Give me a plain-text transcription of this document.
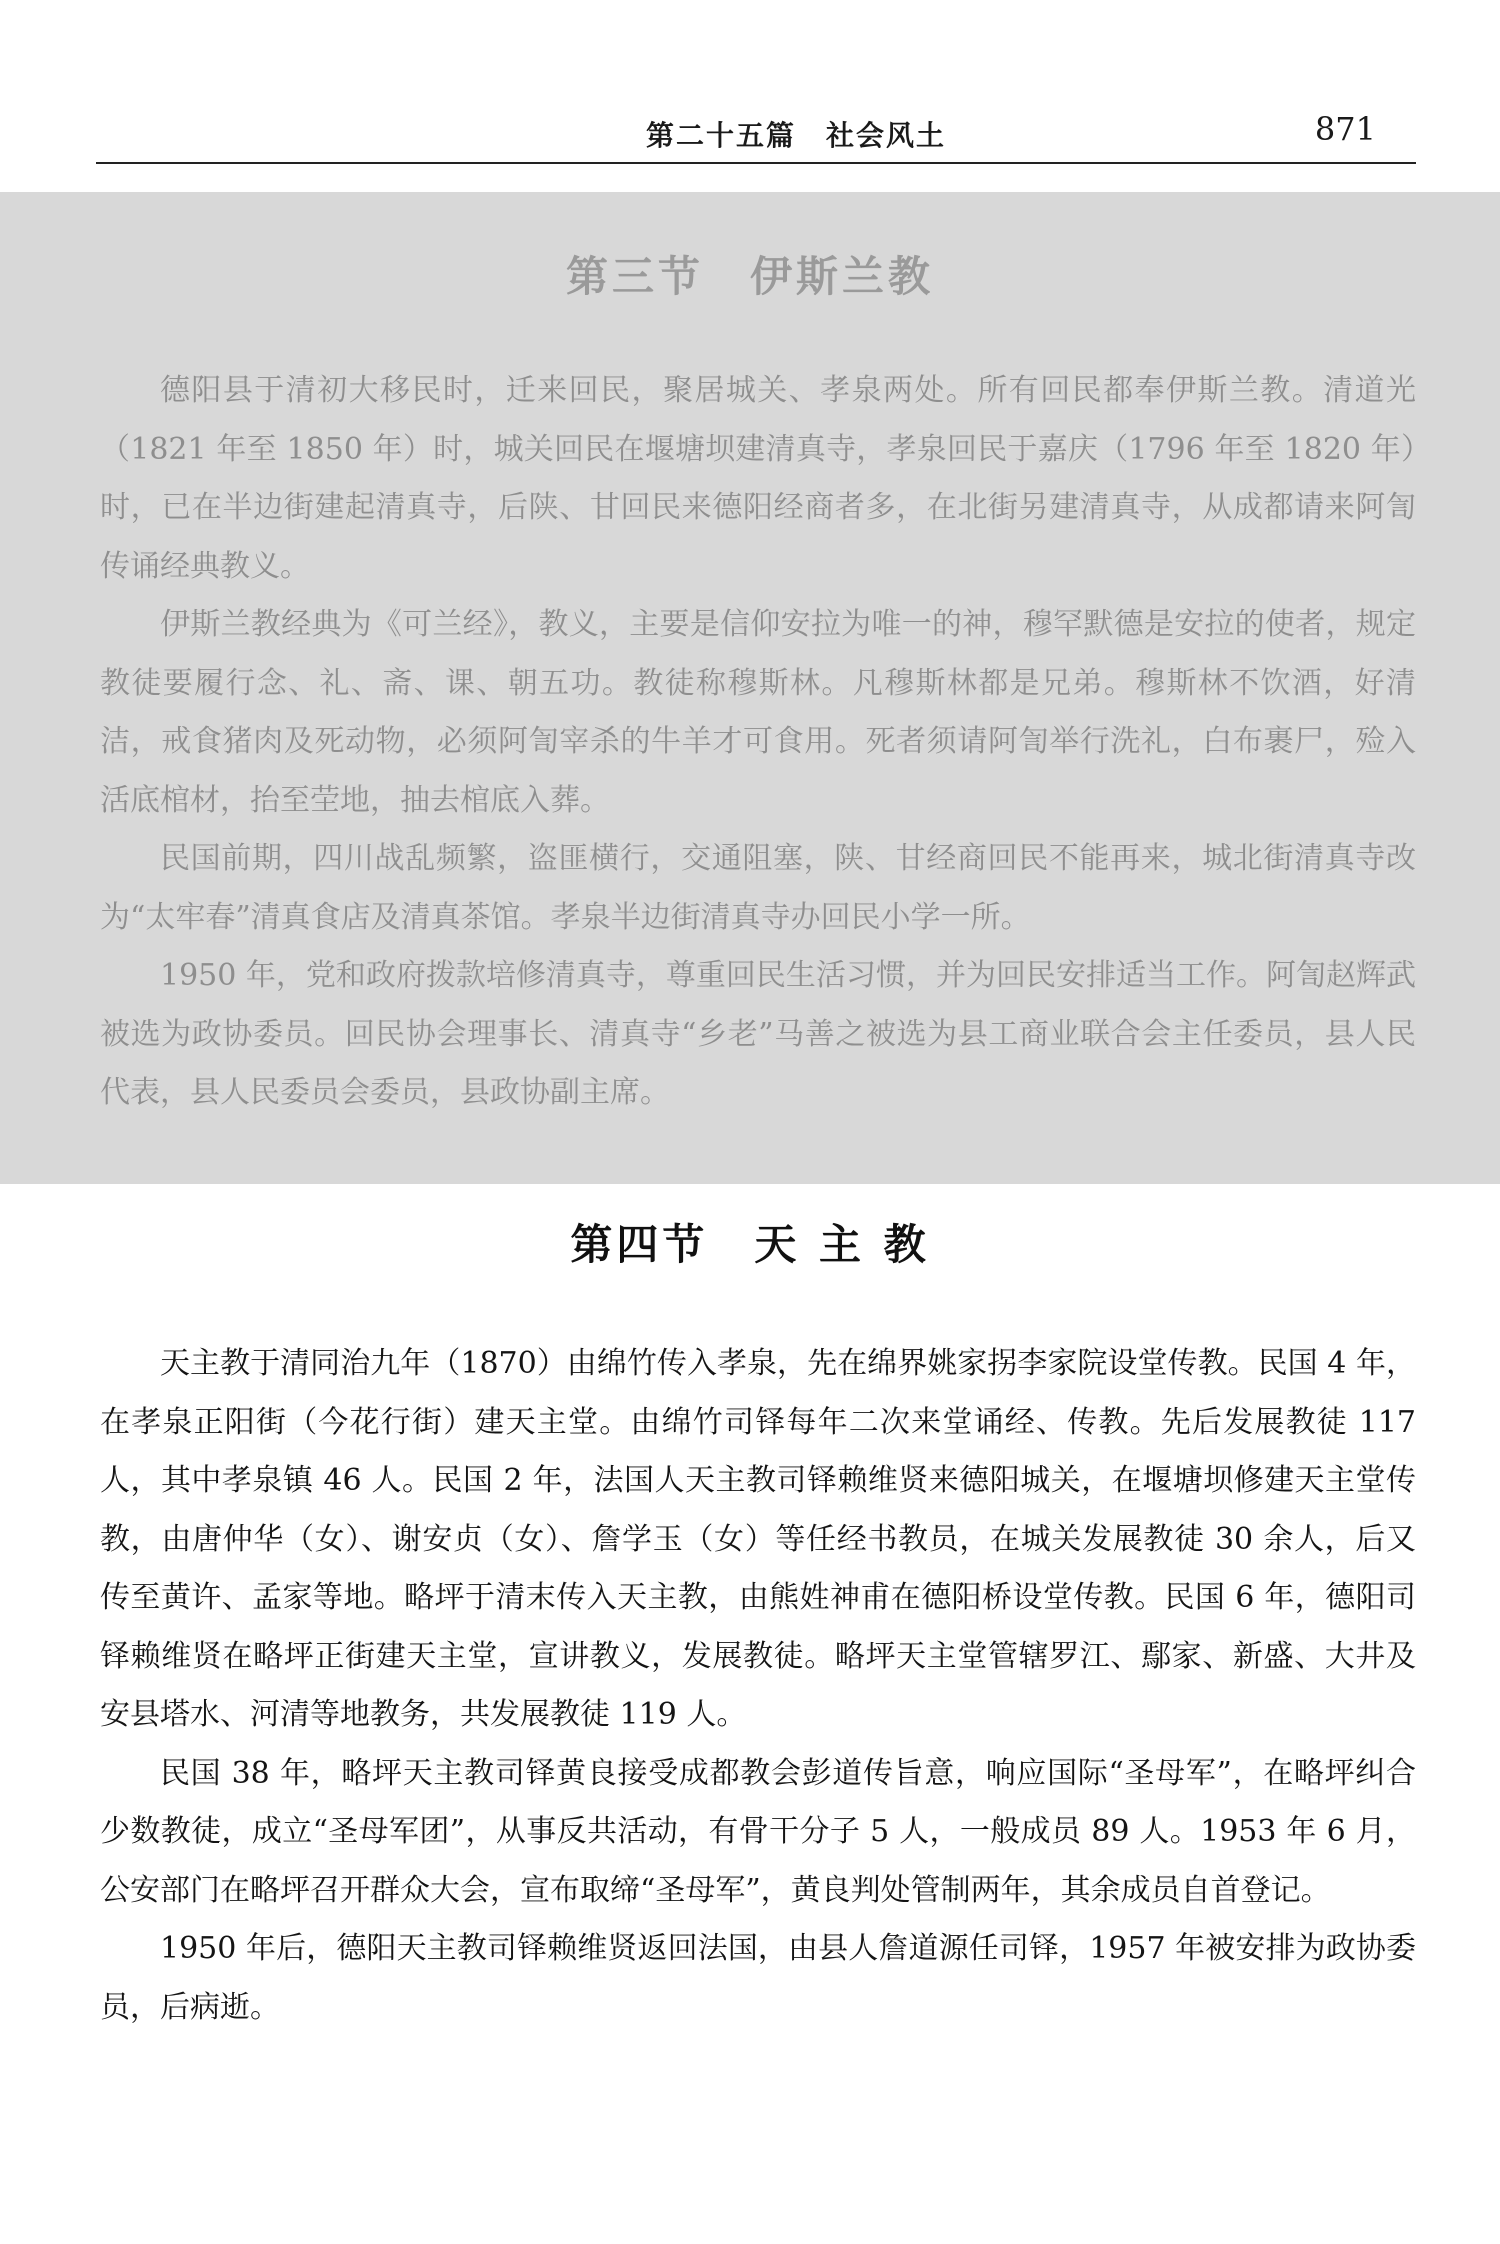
第二十五篇　社会风土	871
第三节　伊斯兰教

德阳县于清初大移民时，迁来回民，聚居城关、孝泉两处。所有回民都奉伊斯兰教。清道光（1821 年至 1850 年）时，城关回民在堰塘坝建清真寺，孝泉回民于嘉庆（1796 年至 1820 年）时，已在半边街建起清真寺，后陕、甘回民来德阳经商者多，在北街另建清真寺，从成都请来阿訇传诵经典教义。

伊斯兰教经典为《可兰经》，教义，主要是信仰安拉为唯一的神，穆罕默德是安拉的使者，规定教徒要履行念、礼、斋、课、朝五功。教徒称穆斯林。凡穆斯林都是兄弟。穆斯林不饮酒，好清洁，戒食猪肉及死动物，必须阿訇宰杀的牛羊才可食用。死者须请阿訇举行洗礼，白布裹尸，殓入活底棺材，抬至茔地，抽去棺底入葬。

民国前期，四川战乱频繁，盗匪横行，交通阻塞，陕、甘经商回民不能再来，城北街清真寺改为“太牢春”清真食店及清真茶馆。孝泉半边街清真寺办回民小学一所。

1950 年，党和政府拨款培修清真寺，尊重回民生活习惯，并为回民安排适当工作。阿訇赵辉武被选为政协委员。回民协会理事长、清真寺“乡老”马善之被选为县工商业联合会主任委员，县人民代表，县人民委员会委员，县政协副主席。

第四节　天 主 教

天主教于清同治九年（1870）由绵竹传入孝泉，先在绵界姚家拐李家院设堂传教。民国 4 年，在孝泉正阳街（今花行街）建天主堂。由绵竹司铎每年二次来堂诵经、传教。先后发展教徒 117 人，其中孝泉镇 46 人。民国 2 年，法国人天主教司铎赖维贤来德阳城关，在堰塘坝修建天主堂传教，由唐仲华（女）、谢安贞（女）、詹学玉（女）等任经书教员，在城关发展教徒 30 余人，后又传至黄许、孟家等地。略坪于清末传入天主教，由熊姓神甫在德阳桥设堂传教。民国 6 年，德阳司铎赖维贤在略坪正街建天主堂，宣讲教义，发展教徒。略坪天主堂管辖罗江、鄢家、新盛、大井及安县塔水、河清等地教务，共发展教徒 119 人。

民国 38 年，略坪天主教司铎黄良接受成都教会彭道传旨意，响应国际“圣母军”，在略坪纠合少数教徒，成立“圣母军团”，从事反共活动，有骨干分子 5 人，一般成员 89 人。1953 年 6 月，公安部门在略坪召开群众大会，宣布取缔“圣母军”，黄良判处管制两年，其余成员自首登记。

1950 年后，德阳天主教司铎赖维贤返回法国，由县人詹道源任司铎，1957 年被安排为政协委员，后病逝。
